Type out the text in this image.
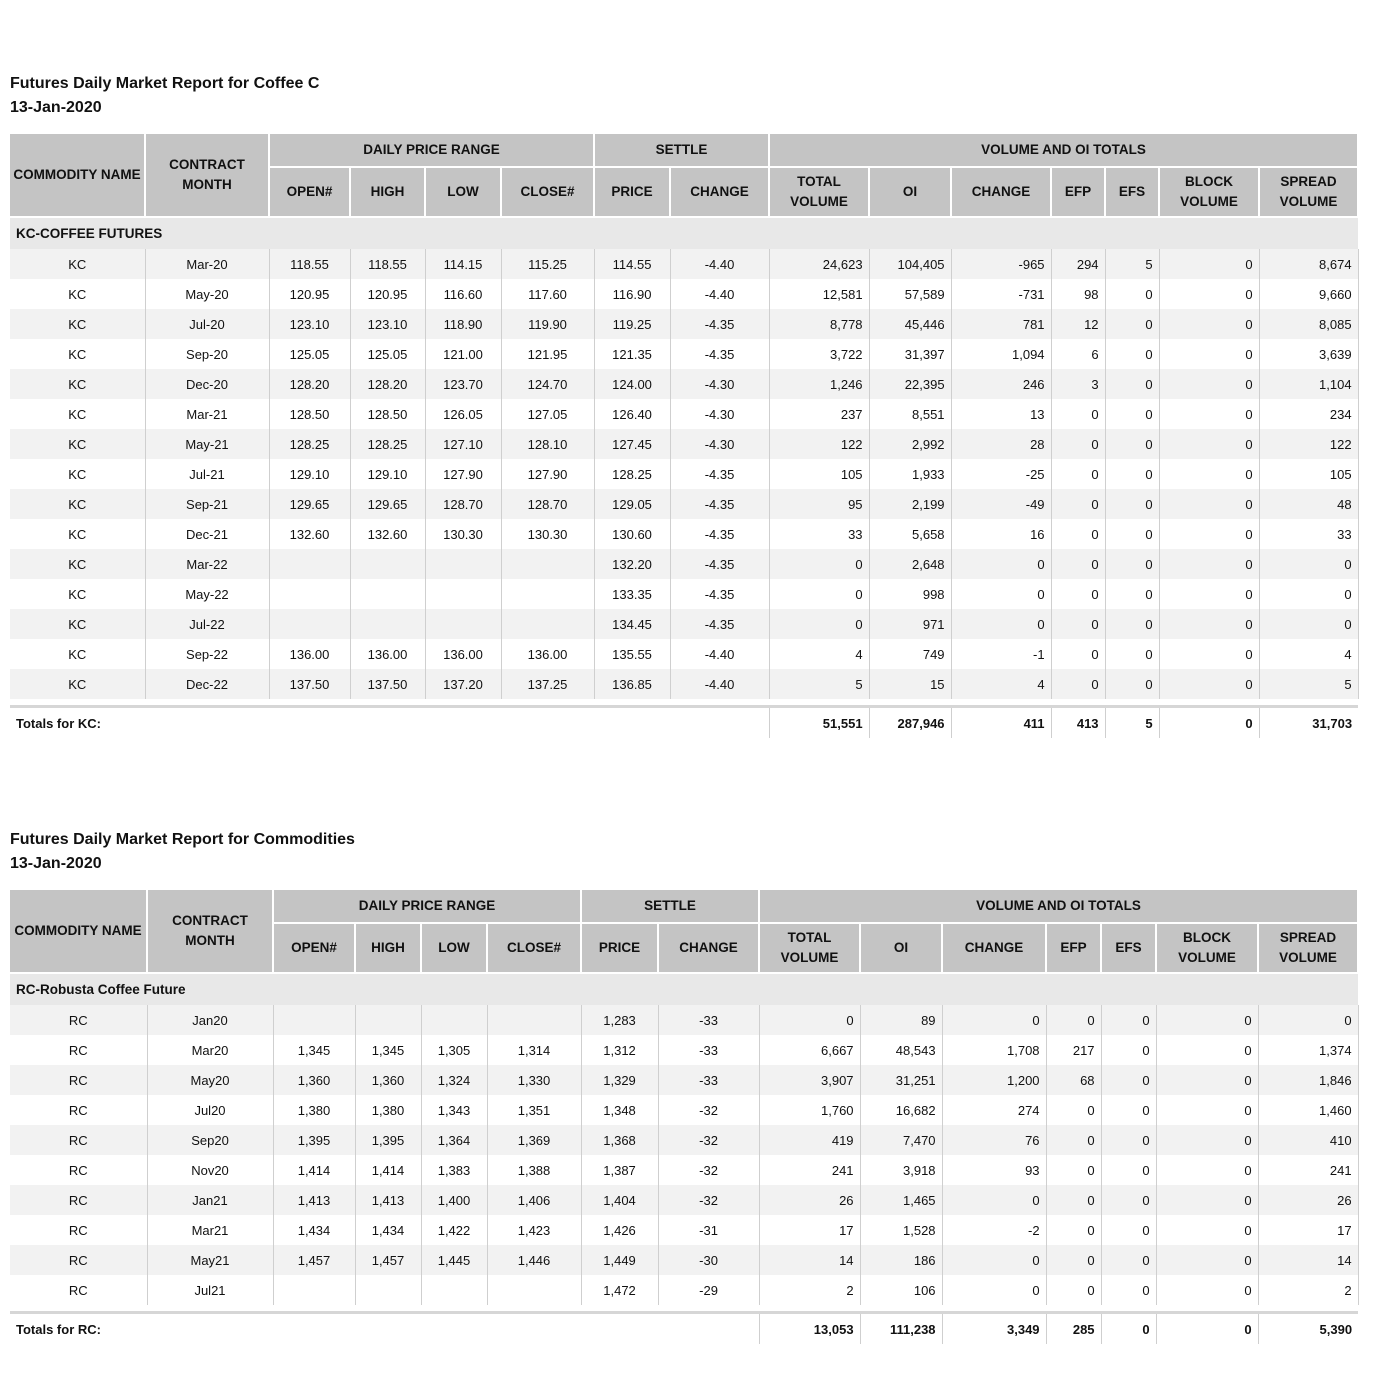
Futures Daily Market Report for Coffee C
13-Jan-2020
COMMODITY NAME	CONTRACT MONTH	DAILY PRICE RANGE				SETTLE		VOLUME AND OI TOTALS						
		OPEN#	HIGH	LOW	CLOSE#	PRICE	CHANGE	TOTAL VOLUME	OI	CHANGE	EFP	EFS	BLOCK VOLUME	SPREAD VOLUME
KC-COFFEE FUTURES														
KC	Mar-20	118.55	118.55	114.15	115.25	114.55	-4.40	24,623	104,405	-965	294	5	0	8,674
KC	May-20	120.95	120.95	116.60	117.60	116.90	-4.40	12,581	57,589	-731	98	0	0	9,660
KC	Jul-20	123.10	123.10	118.90	119.90	119.25	-4.35	8,778	45,446	781	12	0	0	8,085
KC	Sep-20	125.05	125.05	121.00	121.95	121.35	-4.35	3,722	31,397	1,094	6	0	0	3,639
KC	Dec-20	128.20	128.20	123.70	124.70	124.00	-4.30	1,246	22,395	246	3	0	0	1,104
KC	Mar-21	128.50	128.50	126.05	127.05	126.40	-4.30	237	8,551	13	0	0	0	234
KC	May-21	128.25	128.25	127.10	128.10	127.45	-4.30	122	2,992	28	0	0	0	122
KC	Jul-21	129.10	129.10	127.90	127.90	128.25	-4.35	105	1,933	-25	0	0	0	105
KC	Sep-21	129.65	129.65	128.70	128.70	129.05	-4.35	95	2,199	-49	0	0	0	48
KC	Dec-21	132.60	132.60	130.30	130.30	130.60	-4.35	33	5,658	16	0	0	0	33
KC	Mar-22					132.20	-4.35	0	2,648	0	0	0	0	0
KC	May-22					133.35	-4.35	0	998	0	0	0	0	0
KC	Jul-22					134.45	-4.35	0	971	0	0	0	0	0
KC	Sep-22	136.00	136.00	136.00	136.00	135.55	-4.40	4	749	-1	0	0	0	4
KC	Dec-22	137.50	137.50	137.20	137.25	136.85	-4.40	5	15	4	0	0	0	5

Totals for KC:								51,551	287,946	411	413	5	0	31,703
Futures Daily Market Report for Commodities
13-Jan-2020
COMMODITY NAME	CONTRACT MONTH	DAILY PRICE RANGE				SETTLE		VOLUME AND OI TOTALS						
		OPEN#	HIGH	LOW	CLOSE#	PRICE	CHANGE	TOTAL VOLUME	OI	CHANGE	EFP	EFS	BLOCK VOLUME	SPREAD VOLUME
RC-Robusta Coffee Future														
RC	Jan20					1,283	-33	0	89	0	0	0	0	0
RC	Mar20	1,345	1,345	1,305	1,314	1,312	-33	6,667	48,543	1,708	217	0	0	1,374
RC	May20	1,360	1,360	1,324	1,330	1,329	-33	3,907	31,251	1,200	68	0	0	1,846
RC	Jul20	1,380	1,380	1,343	1,351	1,348	-32	1,760	16,682	274	0	0	0	1,460
RC	Sep20	1,395	1,395	1,364	1,369	1,368	-32	419	7,470	76	0	0	0	410
RC	Nov20	1,414	1,414	1,383	1,388	1,387	-32	241	3,918	93	0	0	0	241
RC	Jan21	1,413	1,413	1,400	1,406	1,404	-32	26	1,465	0	0	0	0	26
RC	Mar21	1,434	1,434	1,422	1,423	1,426	-31	17	1,528	-2	0	0	0	17
RC	May21	1,457	1,457	1,445	1,446	1,449	-30	14	186	0	0	0	0	14
RC	Jul21					1,472	-29	2	106	0	0	0	0	2

Totals for RC:								13,053	111,238	3,349	285	0	0	5,390
